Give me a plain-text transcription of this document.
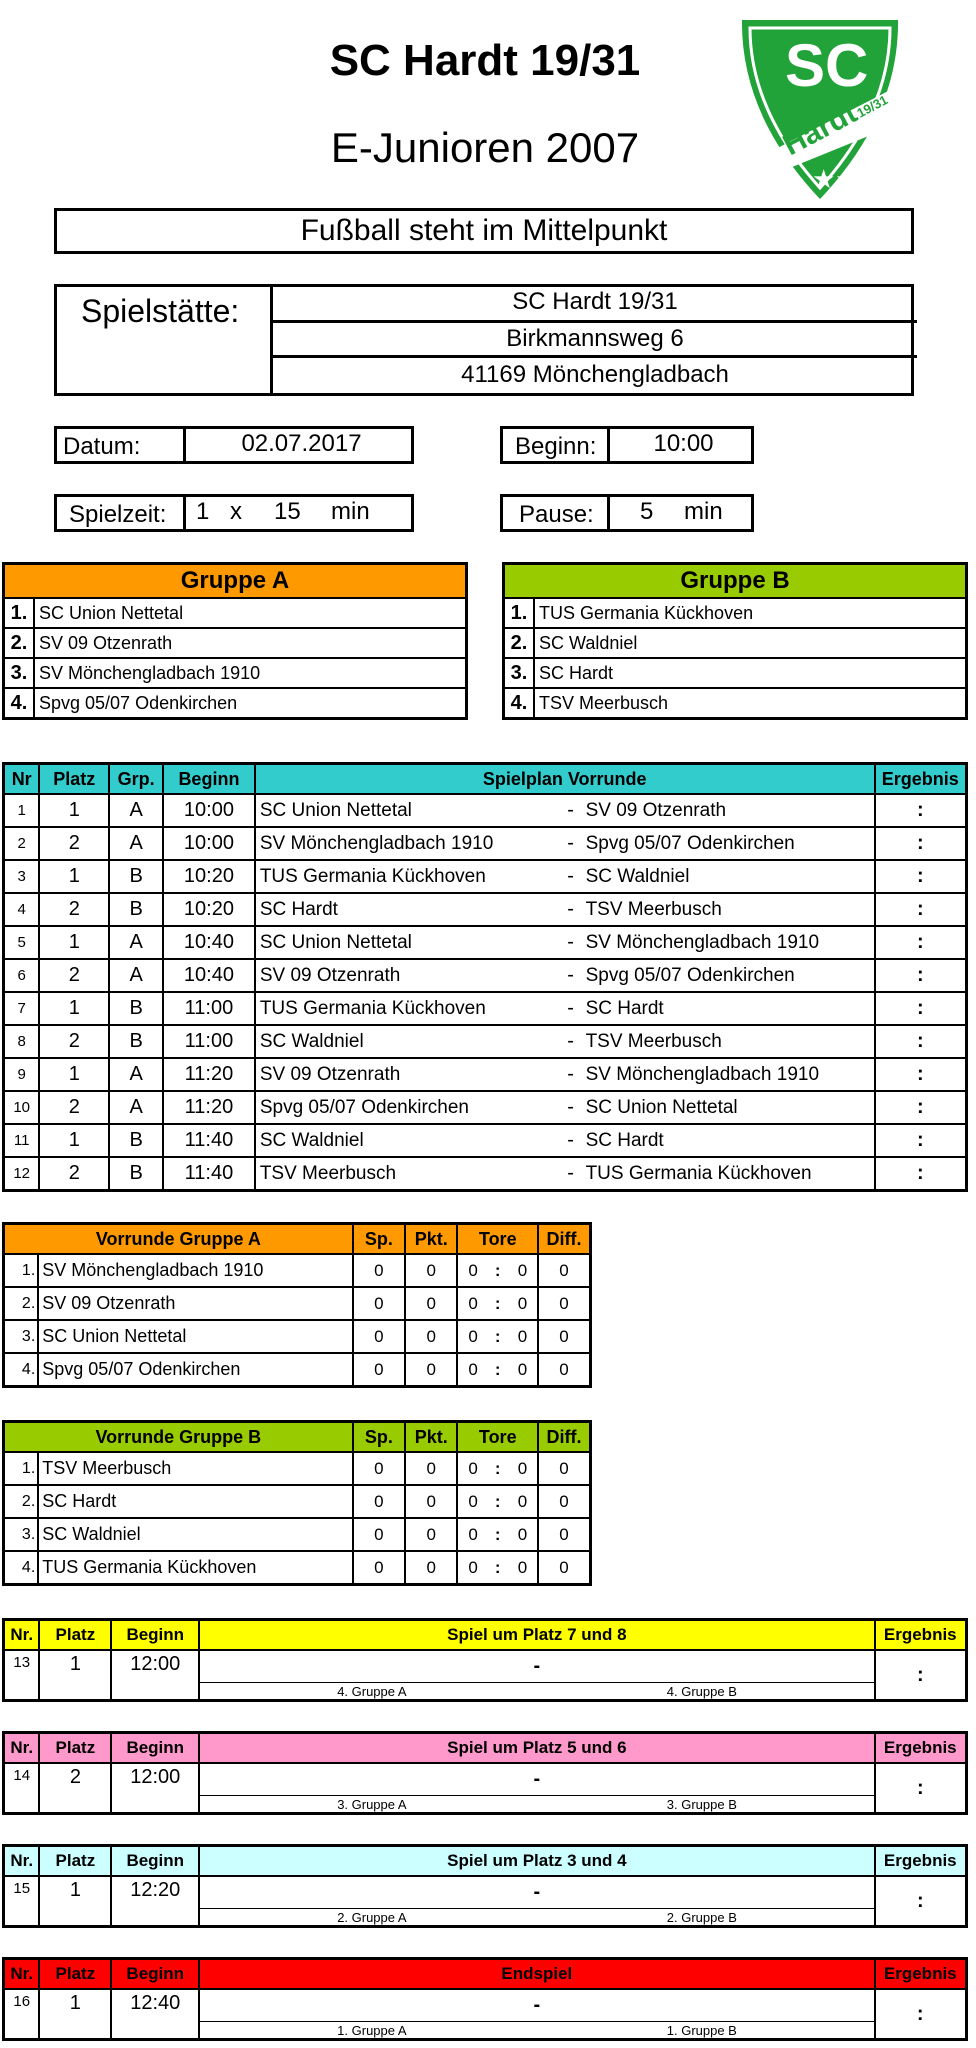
SC Hardt 19/31
E-Junioren 2007
SC
Hardt
19/31
★★★
Fußball steht im Mittelpunkt
Spielstätte:	SC Hardt 19/31
Birkmannsweg 6
41169 Mönchengladbach
Datum:	02.07.2017	Beginn:	10:00
Spielzeit: 1 x 15 min	Pause: 5 min
Gruppe A	
1.	SC Union Nettetal
2.	SV 09 Otzenrath
3.	SV Mönchengladbach 1910
4.	Spvg 05/07 Odenkirchen
Gruppe B	
1.	TUS Germania Kückhoven
2.	SC Waldniel
3.	SC Hardt
4.	TSV Meerbusch
Nr	Platz	Grp.	Beginn	Spielplan Vorrunde			Ergebnis
1	1	A	10:00	SC Union Nettetal	-	SV 09 Otzenrath	:
2	2	A	10:00	SV Mönchengladbach 1910	-	Spvg 05/07 Odenkirchen	:
3	1	B	10:20	TUS Germania Kückhoven	-	SC Waldniel	:
4	2	B	10:20	SC Hardt	-	TSV Meerbusch	:
5	1	A	10:40	SC Union Nettetal	-	SV Mönchengladbach 1910	:
6	2	A	10:40	SV 09 Otzenrath	-	Spvg 05/07 Odenkirchen	:
7	1	B	11:00	TUS Germania Kückhoven	-	SC Hardt	:
8	2	B	11:00	SC Waldniel	-	TSV Meerbusch	:
9	1	A	11:20	SV 09 Otzenrath	-	SV Mönchengladbach 1910	:
10	2	A	11:20	Spvg 05/07 Odenkirchen	-	SC Union Nettetal	:
11	1	B	11:40	SC Waldniel	-	SC Hardt	:
12	2	B	11:40	TSV Meerbusch	-	TUS Germania Kückhoven	:
Vorrunde Gruppe A		Sp.	Pkt.	Tore			Diff.
1.	SV Mönchengladbach 1910	0	0	0	:	0	0
2.	SV 09 Otzenrath	0	0	0	:	0	0
3.	SC Union Nettetal	0	0	0	:	0	0
4.	Spvg 05/07 Odenkirchen	0	0	0	:	0	0
Vorrunde Gruppe B		Sp.	Pkt.	Tore			Diff.
1.	TSV Meerbusch	0	0	0	:	0	0
2.	SC Hardt	0	0	0	:	0	0
3.	SC Waldniel	0	0	0	:	0	0
4.	TUS Germania Kückhoven	0	0	0	:	0	0
Nr.	Platz	Beginn	Spiel um Platz 7 und 8	Ergebnis
13	1	12:00	-	:
			4. Gruppe A 4. Gruppe B	
Nr.	Platz	Beginn	Spiel um Platz 5 und 6	Ergebnis
14	2	12:00	-	:
			3. Gruppe A 3. Gruppe B	
Nr.	Platz	Beginn	Spiel um Platz 3 und 4	Ergebnis
15	1	12:20	-	:
			2. Gruppe A 2. Gruppe B	
Nr.	Platz	Beginn	Endspiel	Ergebnis
16	1	12:40	-	:
			1. Gruppe A 1. Gruppe B	
